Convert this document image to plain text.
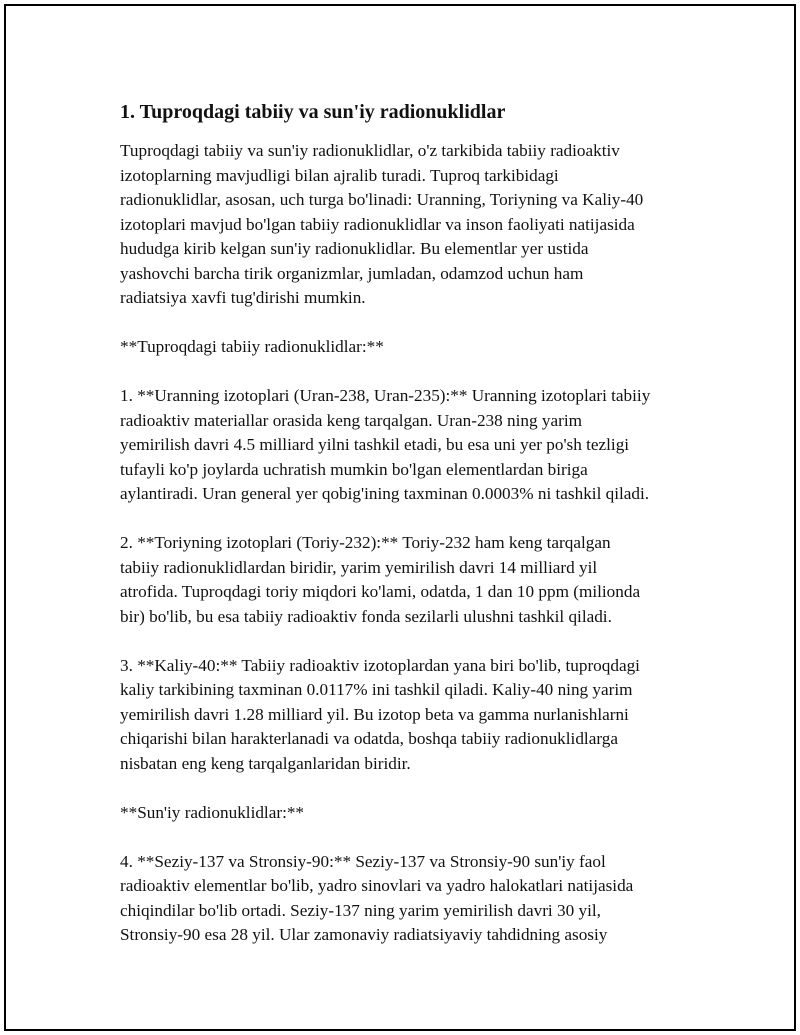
1. Tuproqdagi tabiiy va sun'iy radionuklidlar

Tuproqdagi tabiiy va sun'iy radionuklidlar, o'z tarkibida tabiiy radioaktiv
izotoplarning mavjudligi bilan ajralib turadi. Tuproq tarkibidagi
radionuklidlar, asosan, uch turga bo'linadi: Uranning, Toriyning va Kaliy-40
izotoplari mavjud bo'lgan tabiiy radionuklidlar va inson faoliyati natijasida
hududga kirib kelgan sun'iy radionuklidlar. Bu elementlar yer ustida
yashovchi barcha tirik organizmlar, jumladan, odamzod uchun ham
radiatsiya xavfi tug'dirishi mumkin.

**Tuproqdagi tabiiy radionuklidlar:**

1. **Uranning izotoplari (Uran-238, Uran-235):** Uranning izotoplari tabiiy
radioaktiv materiallar orasida keng tarqalgan. Uran-238 ning yarim
yemirilish davri 4.5 milliard yilni tashkil etadi, bu esa uni yer po'sh tezligi
tufayli ko'p joylarda uchratish mumkin bo'lgan elementlardan biriga
aylantiradi. Uran general yer qobig'ining taxminan 0.0003% ni tashkil qiladi.

2. **Toriyning izotoplari (Toriy-232):** Toriy-232 ham keng tarqalgan
tabiiy radionuklidlardan biridir, yarim yemirilish davri 14 milliard yil
atrofida. Tuproqdagi toriy miqdori ko'lami, odatda, 1 dan 10 ppm (milionda
bir) bo'lib, bu esa tabiiy radioaktiv fonda sezilarli ulushni tashkil qiladi.

3. **Kaliy-40:** Tabiiy radioaktiv izotoplardan yana biri bo'lib, tuproqdagi
kaliy tarkibining taxminan 0.0117% ini tashkil qiladi. Kaliy-40 ning yarim
yemirilish davri 1.28 milliard yil. Bu izotop beta va gamma nurlanishlarni
chiqarishi bilan harakterlanadi va odatda, boshqa tabiiy radionuklidlarga
nisbatan eng keng tarqalganlaridan biridir.

**Sun'iy radionuklidlar:**

4. **Seziy-137 va Stronsiy-90:** Seziy-137 va Stronsiy-90 sun'iy faol
radioaktiv elementlar bo'lib, yadro sinovlari va yadro halokatlari natijasida
chiqindilar bo'lib ortadi. Seziy-137 ning yarim yemirilish davri 30 yil,
Stronsiy-90 esa 28 yil. Ular zamonaviy radiatsiyaviy tahdidning asosiy
